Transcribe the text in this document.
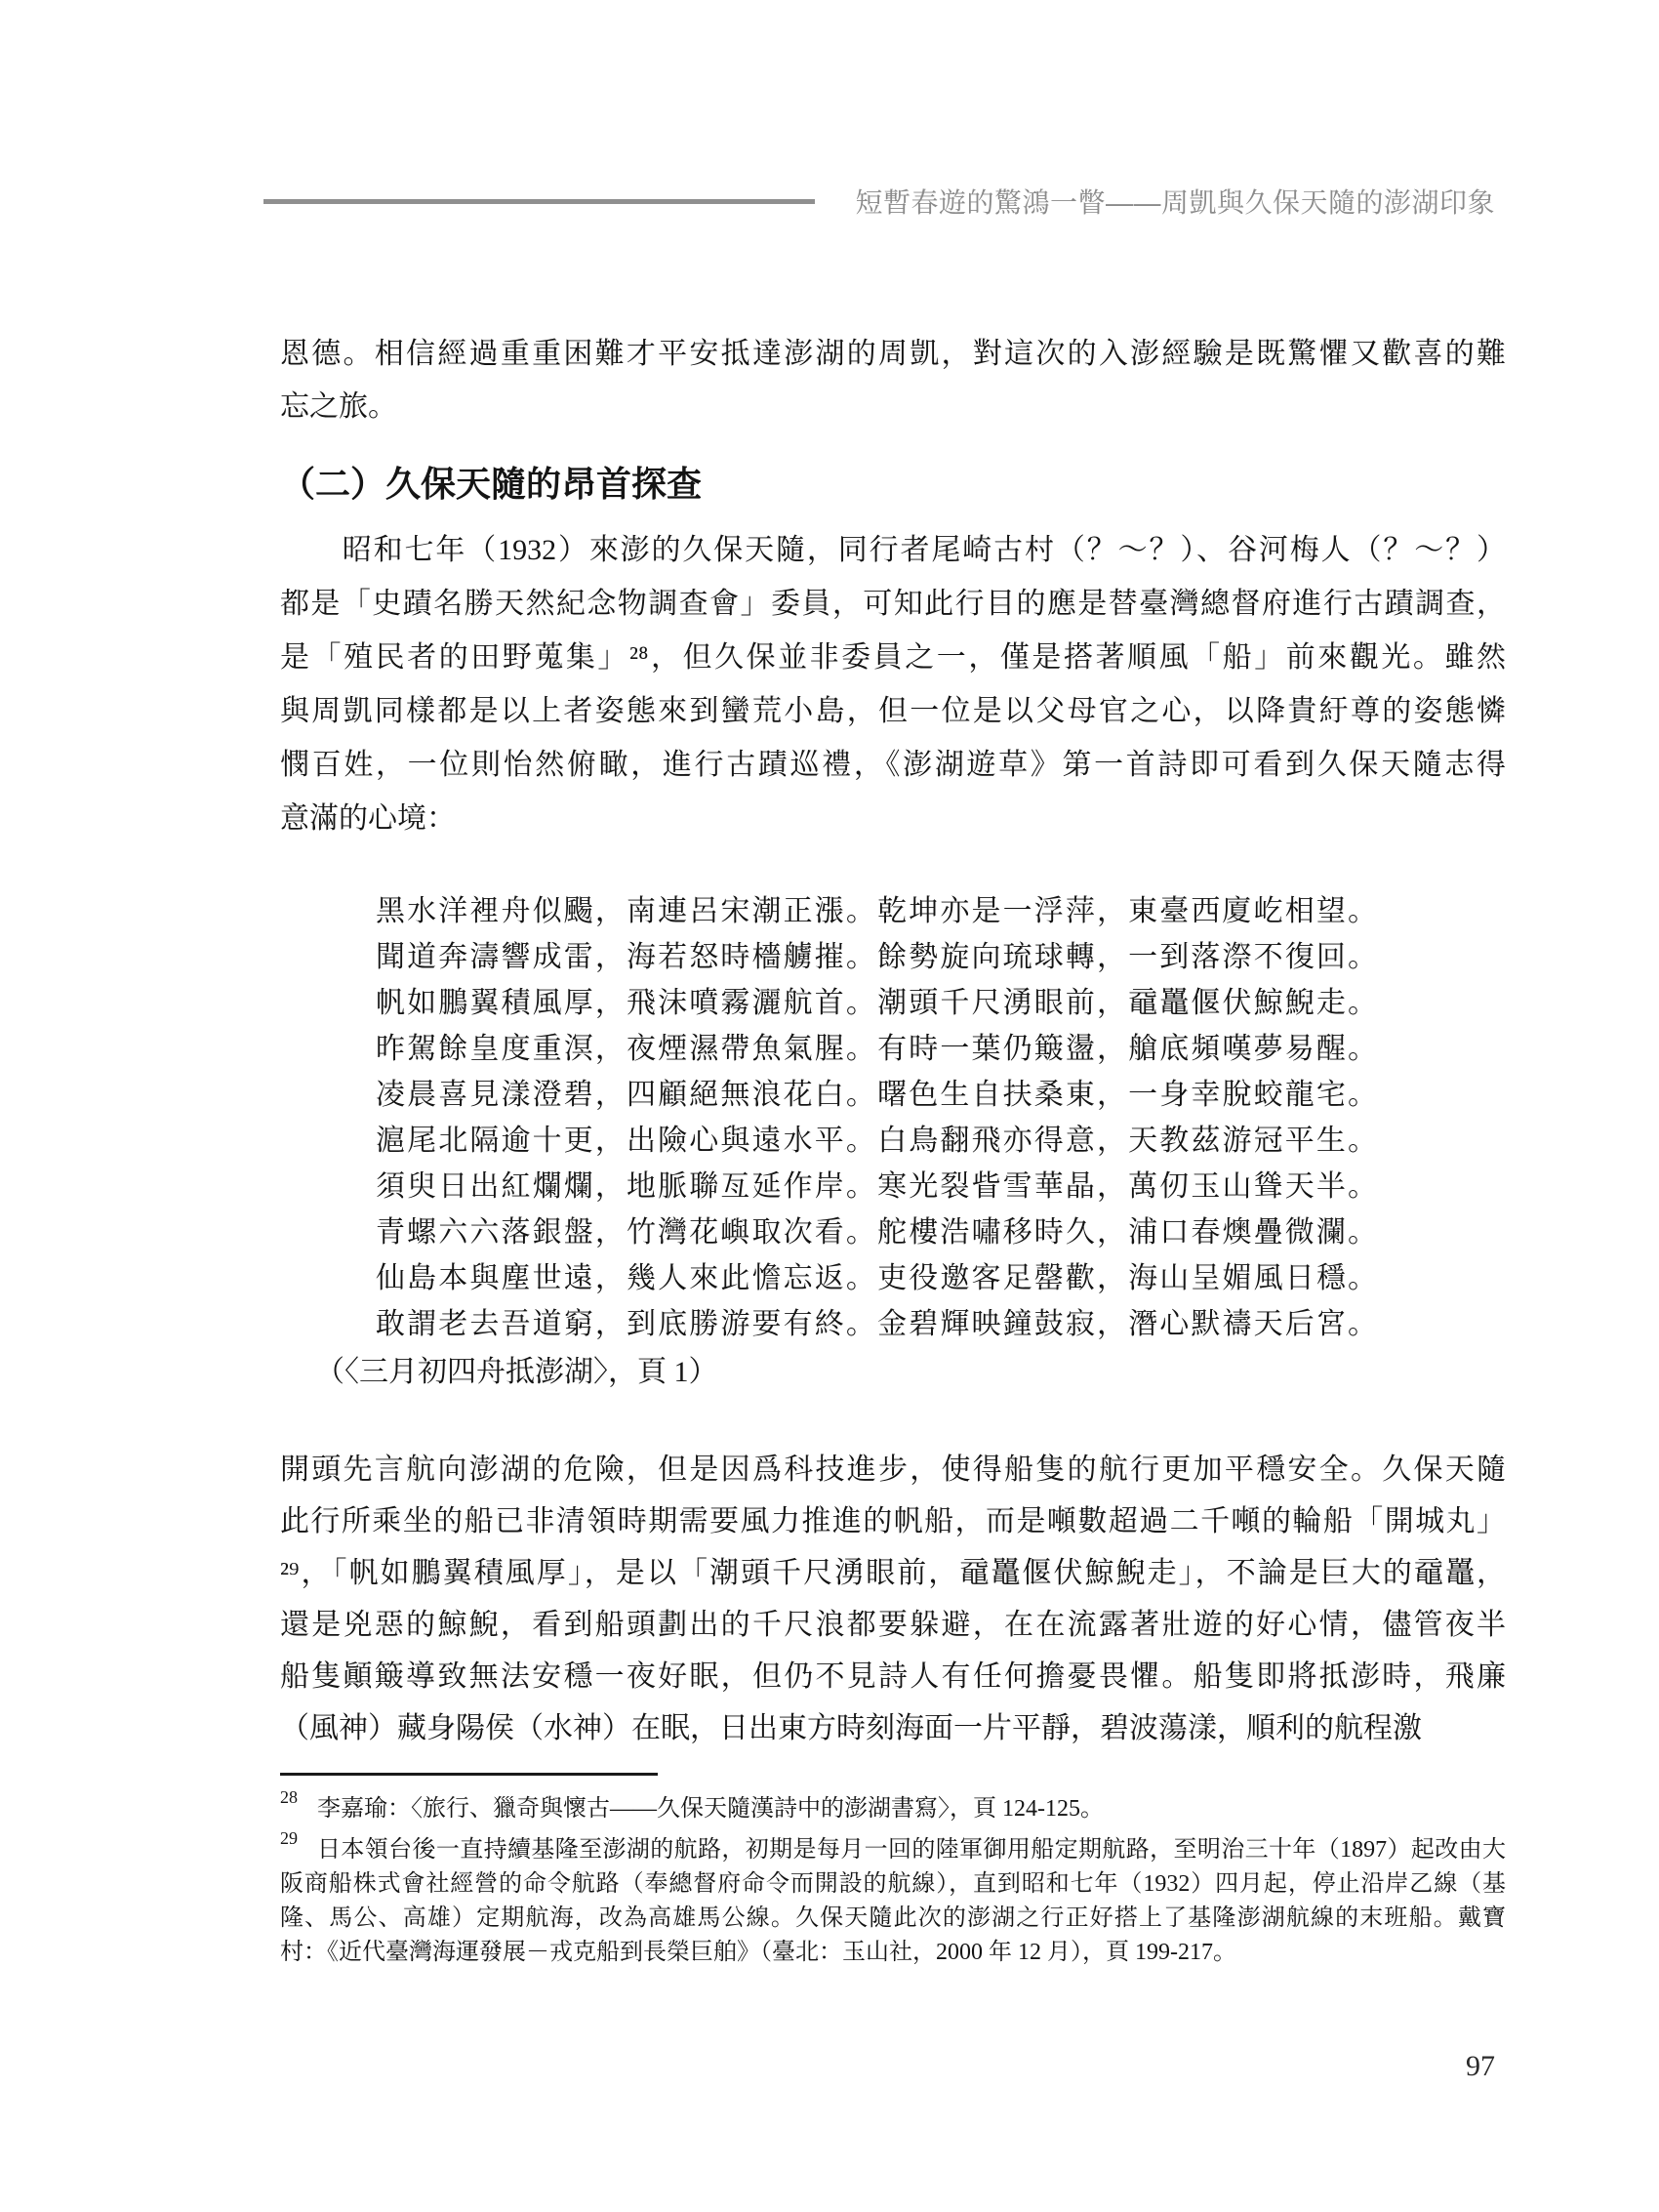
短暫春遊的驚鴻一瞥——周凱與久保天隨的澎湖印象
恩德。相信經過重重困難才平安抵達澎湖的周凱，對這次的入澎經驗是既驚懼又歡喜的難
忘之旅。
（二）久保天隨的昂首探查
　　昭和七年（1932）來澎的久保天隨，同行者尾崎古村（？～？）、谷河梅人（？～？）
都是「史蹟名勝天然紀念物調查會」委員，可知此行目的應是替臺灣總督府進行古蹟調查，
是「殖民者的田野蒐集」²⁸，但久保並非委員之一，僅是搭著順風「船」前來觀光。雖然
與周凱同樣都是以上者姿態來到蠻荒小島，但一位是以父母官之心，以降貴紆尊的姿態憐
憫百姓，一位則怡然俯瞰，進行古蹟巡禮，《澎湖遊草》第一首詩即可看到久保天隨志得
意滿的心境：
黑水洋裡舟似颺，南連呂宋潮正漲。乾坤亦是一浮萍，東臺西廈屹相望。
聞道奔濤響成雷，海若怒時檣艣摧。餘勢旋向琉球轉，一到落漈不復回。
帆如鵬翼積風厚，飛沫噴霧灑航首。潮頭千尺湧眼前，黿鼉偃伏鯨鯢走。
昨駕餘皇度重溟，夜煙濕帶魚氣腥。有時一葉仍簸盪，艙底頻嘆夢易醒。
凌晨喜見漾澄碧，四顧絕無浪花白。曙色生自扶桑東，一身幸脫蛟龍宅。
滬尾北隔逾十更，出險心與遠水平。白鳥翻飛亦得意，天教茲游冠平生。
須臾日出紅爛爛，地脈聯亙延作岸。寒光裂眥雪華晶，萬仞玉山聳天半。
青螺六六落銀盤，竹灣花嶼取次看。舵樓浩嘯移時久，浦口春燠疊微瀾。
仙島本與塵世遠，幾人來此憺忘返。吏役邀客足罄歡，海山呈媚風日穩。
敢謂老去吾道窮，到底勝游要有終。金碧輝映鐘鼓寂，潛心默禱天后宮。
（〈三月初四舟抵澎湖〉，頁 1）
開頭先言航向澎湖的危險，但是因爲科技進步，使得船隻的航行更加平穩安全。久保天隨
此行所乘坐的船已非清領時期需要風力推進的帆船，而是噸數超過二千噸的輪船「開城丸」
²⁹，「帆如鵬翼積風厚」，是以「潮頭千尺湧眼前，黿鼉偃伏鯨鯢走」，不論是巨大的黿鼉，
還是兇惡的鯨鯢，看到船頭劃出的千尺浪都要躲避，在在流露著壯遊的好心情，儘管夜半
船隻顚簸導致無法安穩一夜好眠，但仍不見詩人有任何擔憂畏懼。船隻即將抵澎時，飛廉
（風神）藏身陽侯（水神）在眠，日出東方時刻海面一片平靜，碧波蕩漾，順利的航程激
28 李嘉瑜：〈旅行、獵奇與懷古——久保天隨漢詩中的澎湖書寫〉，頁 124-125。
29 日本領台後一直持續基隆至澎湖的航路，初期是每月一回的陸軍御用船定期航路，至明治三十年（1897）起改由大
阪商船株式會社經營的命令航路（奉總督府命令而開設的航線），直到昭和七年（1932）四月起，停止沿岸乙線（基
隆、馬公、高雄）定期航海，改為高雄馬公線。久保天隨此次的澎湖之行正好搭上了基隆澎湖航線的末班船。戴寶
村：《近代臺灣海運發展－戎克船到長榮巨舶》（臺北：玉山社，2000 年 12 月），頁 199-217。
97
